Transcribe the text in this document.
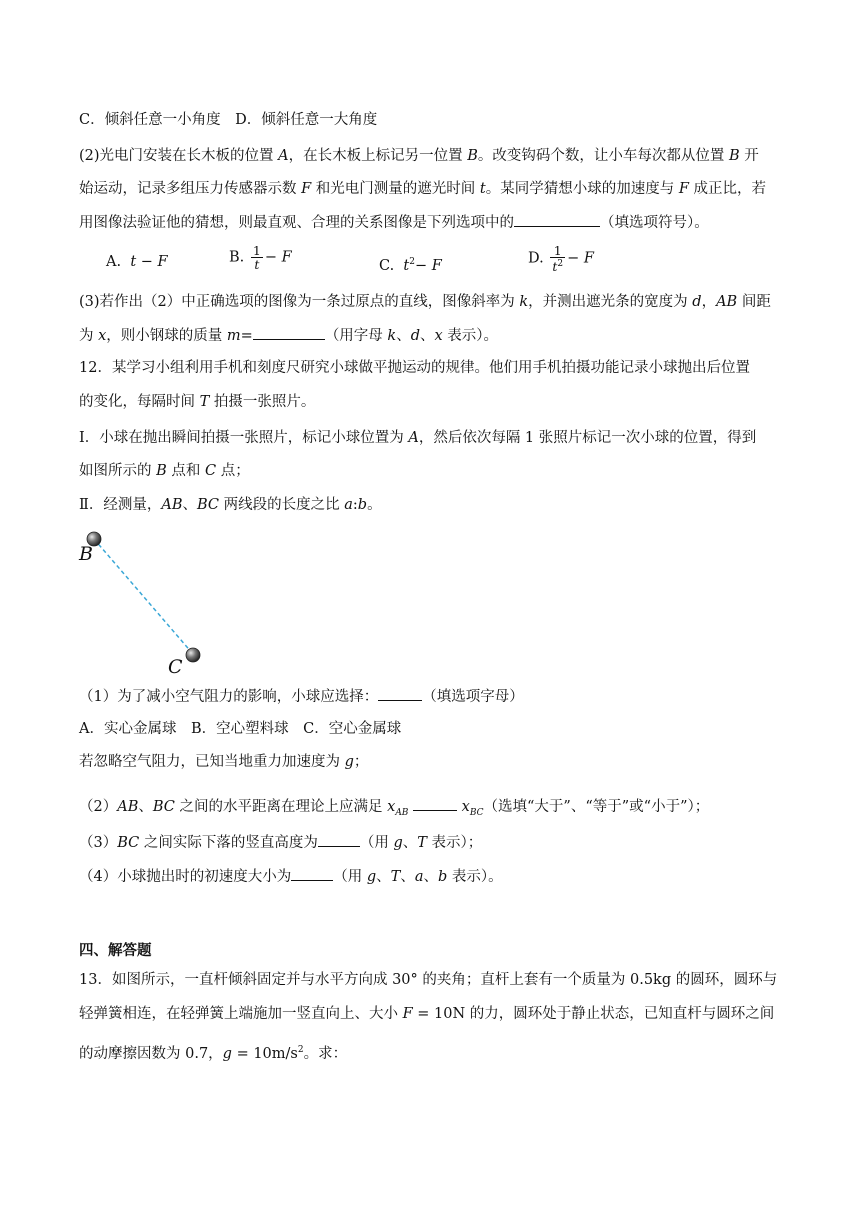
C．倾斜任意一小角度　D．倾斜任意一大角度
(2)光电门安装在长木板的位置 A，在长木板上标记另一位置 B。改变钩码个数，让小车每次都从位置 B 开
始运动，记录多组压力传感器示数 F 和光电门测量的遮光时间 t。某同学猜想小球的加速度与 F 成正比，若
用图像法验证他的猜想，则最直观、合理的关系图像是下列选项中的	（填选项符号）。
A. t − F	B. $\frac{1}{t} - F$
C. $t^2- F$	D. $\frac{1}{t^2} - F$
(3)若作出（2）中正确选项的图像为一条过原点的直线，图像斜率为 k，并测出遮光条的宽度为 d，AB 间距
为 x，则小钢球的质量 m=	（用字母 k、d、x 表示）。
12．某学习小组利用手机和刻度尺研究小球做平抛运动的规律。他们用手机拍摄功能记录小球抛出后位置
的变化，每隔时间 T 拍摄一张照片。
Ⅰ．小球在抛出瞬间拍摄一张照片，标记小球位置为 A，然后依次每隔 1 张照片标记一次小球的位置，得到
如图所示的 B 点和 C 点；
Ⅱ．经测量，AB、BC 两线段的长度之比 a:b。
B
C
（1）为了减小空气阻力的影响，小球应选择：	（填选项字母）
A．实心金属球　B．空心塑料球　C．空心金属球
若忽略空气阻力，已知当地重力加速度为 g；
（2）AB、BC 之间的水平距离在理论上应满足 $x_{AB}$	$x_{BC}$（选填“大于”、“等于”或“小于”）；
（3）BC 之间实际下落的竖直高度为	（用 g、T 表示）；
（4）小球抛出时的初速度大小为	（用 g、T、a、b 表示）。
四、解答题
13．如图所示，一直杆倾斜固定并与水平方向成 30° 的夹角；直杆上套有一个质量为 0.5kg 的圆环，圆环与
轻弹簧相连，在轻弹簧上端施加一竖直向上、大小 F = 10N 的力，圆环处于静止状态，已知直杆与圆环之间
的动摩擦因数为 0.7，$g = 10m/s^2$。求：
